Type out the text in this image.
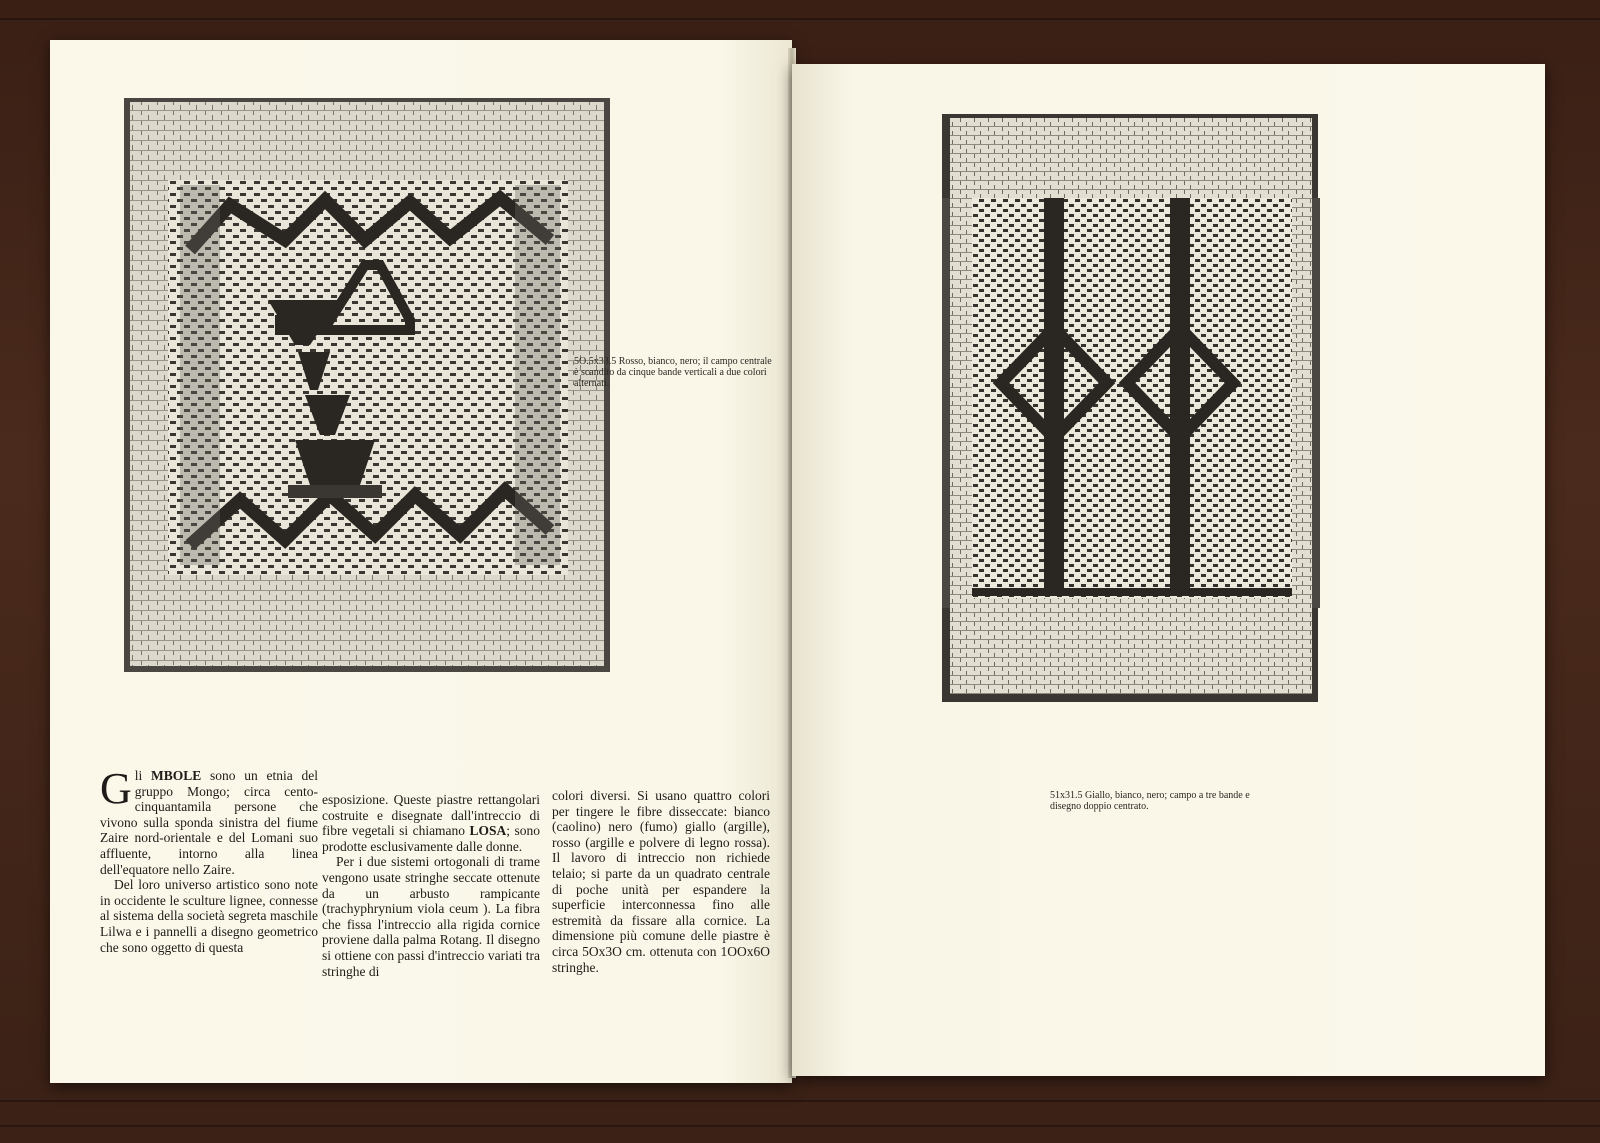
5O.5x33.5 Rosso, bianco, nero; il campo centrale è scandito da cinque bande verticali a due colori alternati.

Gli MBOLE sono un etnia del gruppo Mongo; circa cento-cinquantamila persone che vivono sulla sponda sinistra del fiume Zaire nord-orientale e del Lomani suo affluente, intorno alla linea dell'equatore nello Zaire.

Del loro universo artistico sono note in occidente le sculture lignee, connesse al sistema della società segreta maschile Lilwa e i pannelli a disegno geometrico che sono oggetto di questa

esposizione. Queste piastre rettangolari costruite e disegnate dall'intreccio di fibre vegetali si chiamano LOSA; sono prodotte esclusivamente dalle donne.

Per i due sistemi ortogonali di trame vengono usate stringhe seccate ottenute da un arbusto rampicante (trachyphrynium viola ceum ). La fibra che fissa l'intreccio alla rigida cornice proviene dalla palma Rotang. Il disegno si ottiene con passi d'intreccio variati tra stringhe di

colori diversi. Si usano quattro colori per tingere le fibre disseccate: bianco (caolino) nero (fumo) giallo (argille), rosso (argille e polvere di legno rossa). Il lavoro di intreccio non richiede telaio; si parte da un quadrato centrale di poche unità per espandere la superficie interconnessa fino alle estremità da fissare alla cornice. La dimensione più comune delle piastre è circa 5Ox3O cm. ottenuta con 1OOx6O stringhe.

51x31.5 Giallo, bianco, nero; campo a tre bande e disegno doppio centrato.
